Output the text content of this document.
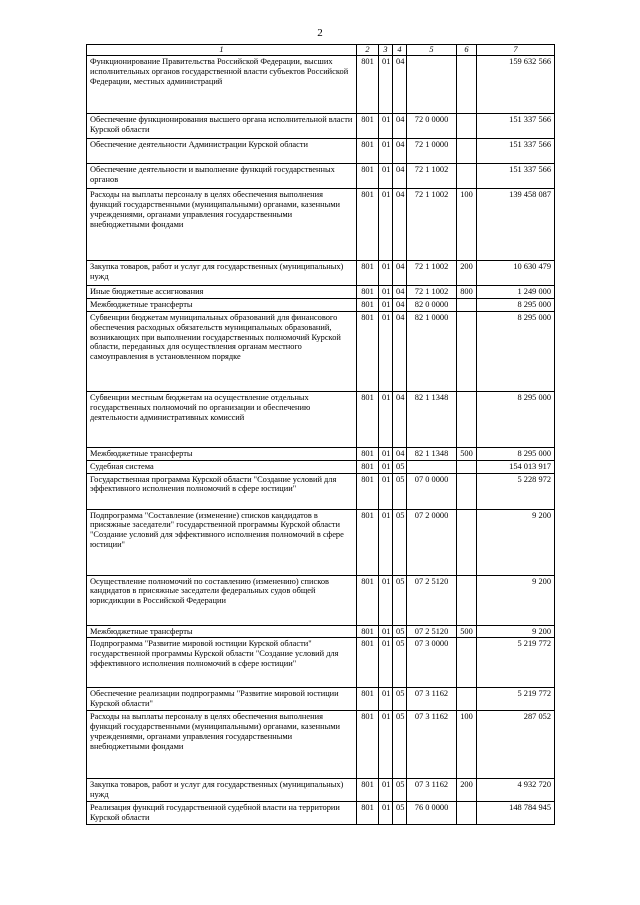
2
1	2	3	4	5	6	7
Функционирование Правительства Российской Федерации, высших исполнительных органов государственной власти субъектов Российской Федерации, местных администраций	801	01	04			159 632 566
Обеспечение функционирования высшего органа исполнительной власти Курской области	801	01	04	72 0 0000		151 337 566
Обеспечение деятельности Администрации Курской области	801	01	04	72 1 0000		151 337 566
Обеспечение деятельности и выполнение функций государственных органов	801	01	04	72 1 1002		151 337 566
Расходы на выплаты персоналу в целях обеспечения выполнения функций государственными (муниципальными) органами, казенными учреждениями, органами управления государственными внебюджетными фондами	801	01	04	72 1 1002	100	139 458 087
Закупка товаров, работ и услуг для государственных (муниципальных) нужд	801	01	04	72 1 1002	200	10 630 479
Иные бюджетные ассигнования	801	01	04	72 1 1002	800	1 249 000
Межбюджетные трансферты	801	01	04	82 0 0000		8 295 000
Субвенции бюджетам муниципальных образований для финансового обеспечения расходных обязательств муниципальных образований, возникающих при выполнении государственных полномочий Курской области, переданных для осуществления органам местного самоуправления в установленном порядке	801	01	04	82 1 0000		8 295 000
Субвенции местным бюджетам на осуществление отдельных государственных полномочий по организации и обеспечению деятельности административных комиссий	801	01	04	82 1 1348		8 295 000
Межбюджетные трансферты	801	01	04	82 1 1348	500	8 295 000
Судебная система	801	01	05			154 013 917
Государственная программа Курской области "Создание условий для эффективного исполнения полномочий в сфере юстиции"	801	01	05	07 0 0000		5 228 972
Подпрограмма "Составление (изменение) списков кандидатов в присяжные заседатели" государственной программы Курской области "Создание условий для эффективного исполнения полномочий в сфере юстиции"	801	01	05	07 2 0000		9 200
Осуществление полномочий по составлению (изменению) списков кандидатов в присяжные заседатели федеральных судов общей юрисдикции в Российской Федерации	801	01	05	07 2 5120		9 200
Межбюджетные трансферты	801	01	05	07 2 5120	500	9 200
Подпрограмма "Развитие мировой юстиции Курской области" государственной программы Курской области "Создание условий для эффективного исполнения полномочий в сфере юстиции"	801	01	05	07 3 0000		5 219 772
Обеспечение реализации подпрограммы "Развитие мировой юстиции Курской области"	801	01	05	07 3 1162		5 219 772
Расходы на выплаты персоналу в целях обеспечения выполнения функций государственными (муниципальными) органами, казенными учреждениями, органами управления государственными внебюджетными фондами	801	01	05	07 3 1162	100	287 052
Закупка товаров, работ и услуг для государственных (муниципальных) нужд	801	01	05	07 3 1162	200	4 932 720
Реализация функций государственной судебной власти на территории Курской области	801	01	05	76 0 0000		148 784 945
